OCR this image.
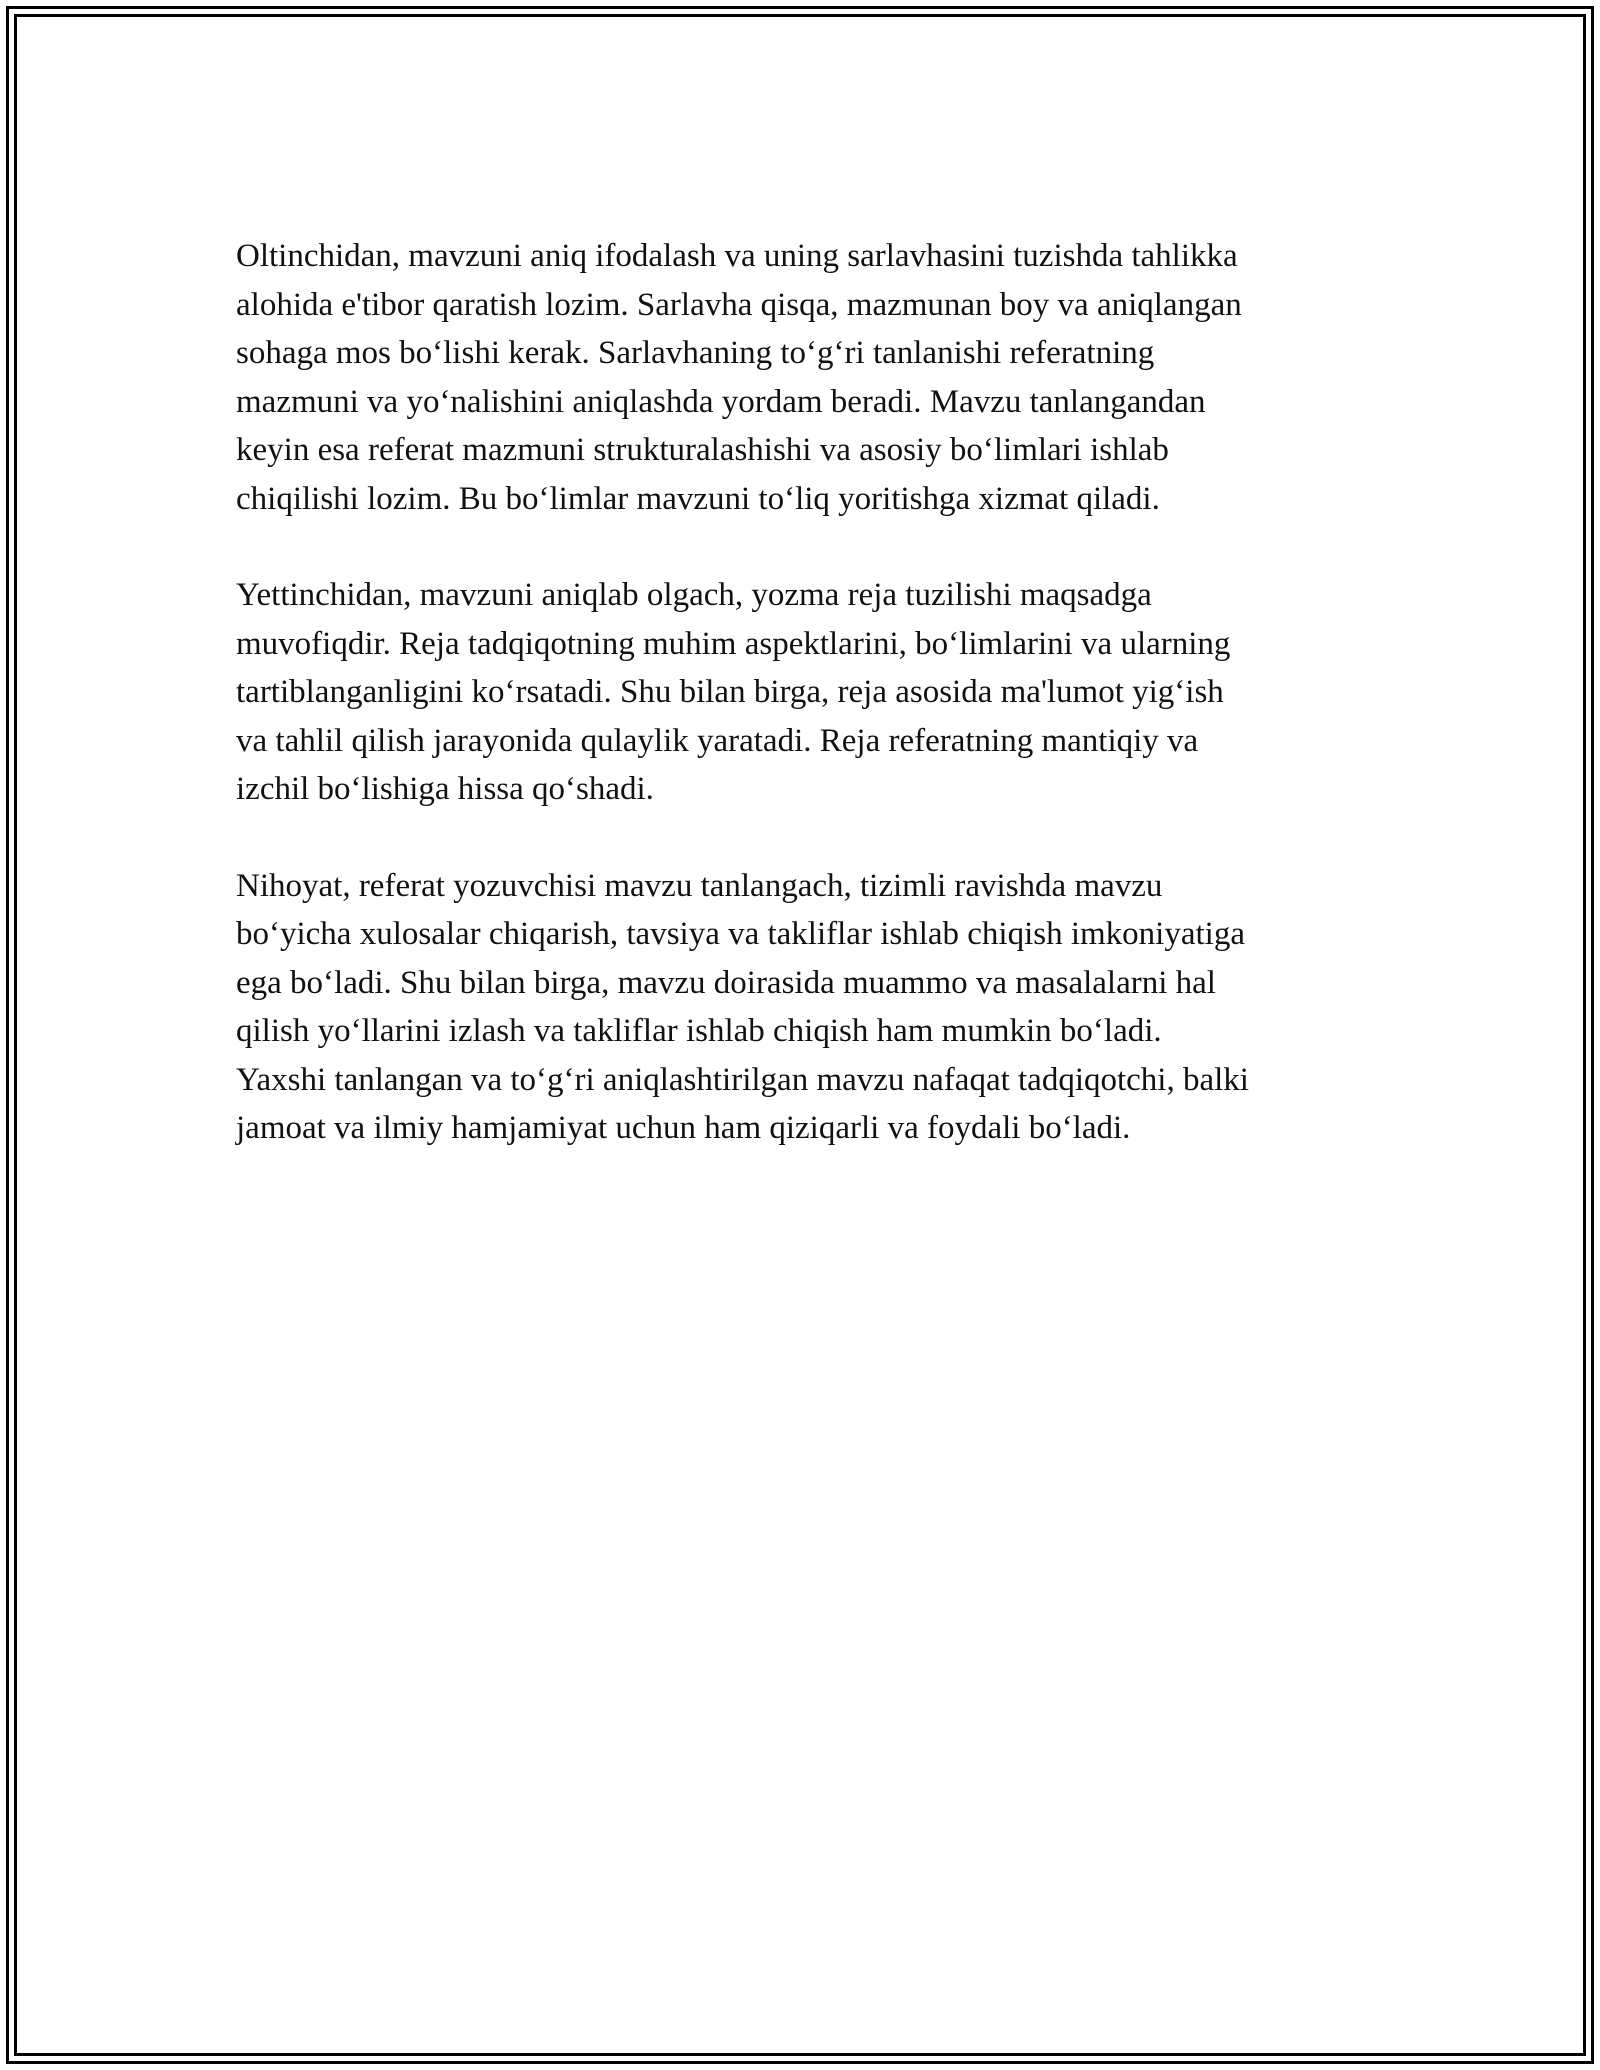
Oltinchidan, mavzuni aniq ifodalash va uning sarlavhasini tuzishda tahlikka
alohida e'tibor qaratish lozim. Sarlavha qisqa, mazmunan boy va aniqlangan
sohaga mos bo‘lishi kerak. Sarlavhaning to‘g‘ri tanlanishi referatning
mazmuni va yo‘nalishini aniqlashda yordam beradi. Mavzu tanlangandan
keyin esa referat mazmuni strukturalashishi va asosiy bo‘limlari ishlab
chiqilishi lozim. Bu bo‘limlar mavzuni to‘liq yoritishga xizmat qiladi.

Yettinchidan, mavzuni aniqlab olgach, yozma reja tuzilishi maqsadga
muvofiqdir. Reja tadqiqotning muhim aspektlarini, bo‘limlarini va ularning
tartiblanganligini ko‘rsatadi. Shu bilan birga, reja asosida ma'lumot yig‘ish
va tahlil qilish jarayonida qulaylik yaratadi. Reja referatning mantiqiy va
izchil bo‘lishiga hissa qo‘shadi.

Nihoyat, referat yozuvchisi mavzu tanlangach, tizimli ravishda mavzu
bo‘yicha xulosalar chiqarish, tavsiya va takliflar ishlab chiqish imkoniyatiga
ega bo‘ladi. Shu bilan birga, mavzu doirasida muammo va masalalarni hal
qilish yo‘llarini izlash va takliflar ishlab chiqish ham mumkin bo‘ladi.
Yaxshi tanlangan va to‘g‘ri aniqlashtirilgan mavzu nafaqat tadqiqotchi, balki
jamoat va ilmiy hamjamiyat uchun ham qiziqarli va foydali bo‘ladi.
